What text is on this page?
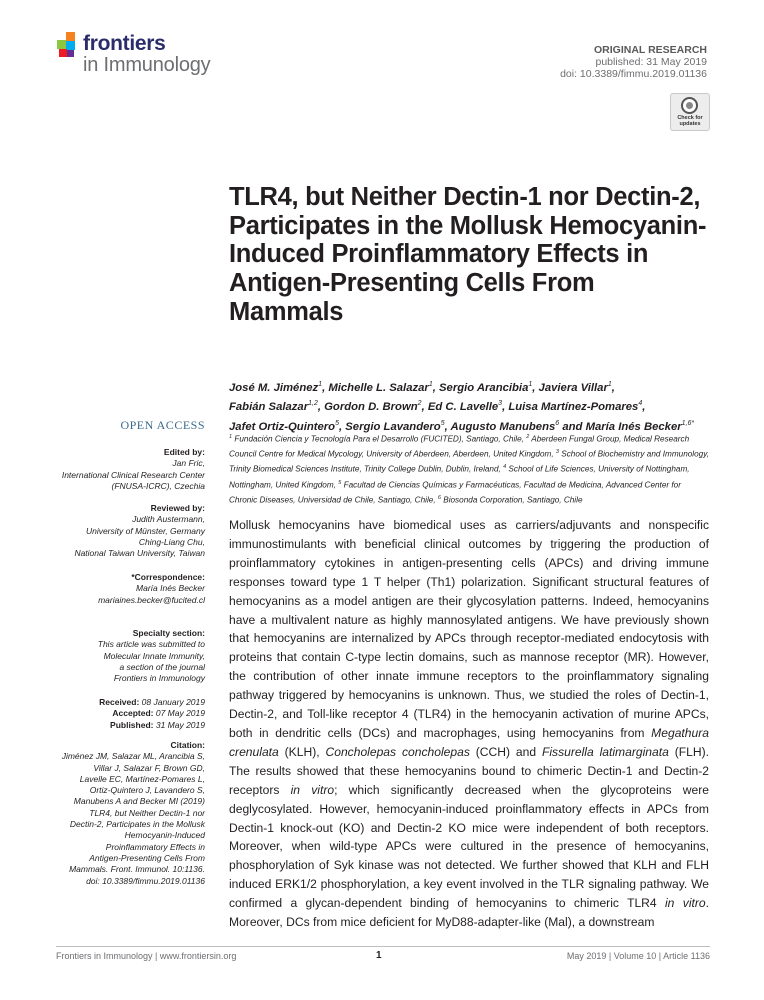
frontiers
in Immunology
ORIGINAL RESEARCH
published: 31 May 2019
doi: 10.3389/fimmu.2019.01136
Check for updates
TLR4, but Neither Dectin-1 nor Dectin-2, Participates in the Mollusk Hemocyanin-Induced Proinflammatory Effects in Antigen-Presenting Cells From Mammals
José M. Jiménez$^1$, Michelle L. Salazar$^1$, Sergio Arancibia$^1$, Javiera Villar$^1$,
Fabián Salazar$^{1,2}$, Gordon D. Brown$^2$, Ed C. Lavelle$^3$, Luisa Martínez-Pomares$^4$,
Jafet Ortiz-Quintero$^5$, Sergio Lavandero$^5$, Augusto Manubens$^6$ and María Inés Becker$^{1,6*}$
$^1$ Fundación Ciencia y Tecnología Para el Desarrollo (FUCITED), Santiago, Chile, $^2$ Aberdeen Fungal Group, Medical Research Council Centre for Medical Mycology, University of Aberdeen, Aberdeen, United Kingdom, $^3$ School of Biochemistry and Immunology, Trinity Biomedical Sciences Institute, Trinity College Dublin, Dublin, Ireland, $^4$ School of Life Sciences, University of Nottingham, Nottingham, United Kingdom, $^5$ Facultad de Ciencias Químicas y Farmacéuticas, Facultad de Medicina, Advanced Center for Chronic Diseases, Universidad de Chile, Santiago, Chile, $^6$ Biosonda Corporation, Santiago, Chile
OPEN ACCESS
Edited by:
Jan Fric,
International Clinical Research Center
(FNUSA-ICRC), Czechia
Reviewed by:
Judith Austermann,
University of Münster, Germany
Ching-Liang Chu,
National Taiwan University, Taiwan
*Correspondence:
María Inés Becker
mariaines.becker@fucited.cl
Specialty section:
This article was submitted to
Molecular Innate Immunity,
a section of the journal
Frontiers in Immunology
Received: 08 January 2019
Accepted: 07 May 2019
Published: 31 May 2019
Citation:
Jiménez JM, Salazar ML, Arancibia S,
Villar J, Salazar F, Brown GD,
Lavelle EC, Martínez-Pomares L,
Ortiz-Quintero J, Lavandero S,
Manubens A and Becker MI (2019)
TLR4, but Neither Dectin-1 nor
Dectin-2, Participates in the Mollusk
Hemocyanin-Induced
Proinflammatory Effects in
Antigen-Presenting Cells From
Mammals. Front. Immunol. 10:1136.
doi: 10.3389/fimmu.2019.01136
Mollusk hemocyanins have biomedical uses as carriers/adjuvants and nonspecific immunostimulants with beneficial clinical outcomes by triggering the production of proinflammatory cytokines in antigen-presenting cells (APCs) and driving immune responses toward type 1 T helper (Th1) polarization. Significant structural features of hemocyanins as a model antigen are their glycosylation patterns. Indeed, hemocyanins have a multivalent nature as highly mannosylated antigens. We have previously shown that hemocyanins are internalized by APCs through receptor-mediated endocytosis with proteins that contain C-type lectin domains, such as mannose receptor (MR). However, the contribution of other innate immune receptors to the proinflammatory signaling pathway triggered by hemocyanins is unknown. Thus, we studied the roles of Dectin-1, Dectin-2, and Toll-like receptor 4 (TLR4) in the hemocyanin activation of murine APCs, both in dendritic cells (DCs) and macrophages, using hemocyanins from Megathura crenulata (KLH), Concholepas concholepas (CCH) and Fissurella latimarginata (FLH). The results showed that these hemocyanins bound to chimeric Dectin-1 and Dectin-2 receptors in vitro; which significantly decreased when the glycoproteins were deglycosylated. However, hemocyanin-induced proinflammatory effects in APCs from Dectin-1 knock-out (KO) and Dectin-2 KO mice were independent of both receptors. Moreover, when wild-type APCs were cultured in the presence of hemocyanins, phosphorylation of Syk kinase was not detected. We further showed that KLH and FLH induced ERK1/2 phosphorylation, a key event involved in the TLR signaling pathway. We confirmed a glycan-dependent binding of hemocyanins to chimeric TLR4 in vitro. Moreover, DCs from mice deficient for MyD88-adapter-like (Mal), a downstream
Frontiers in Immunology | www.frontiersin.org	1	May 2019 | Volume 10 | Article 1136
